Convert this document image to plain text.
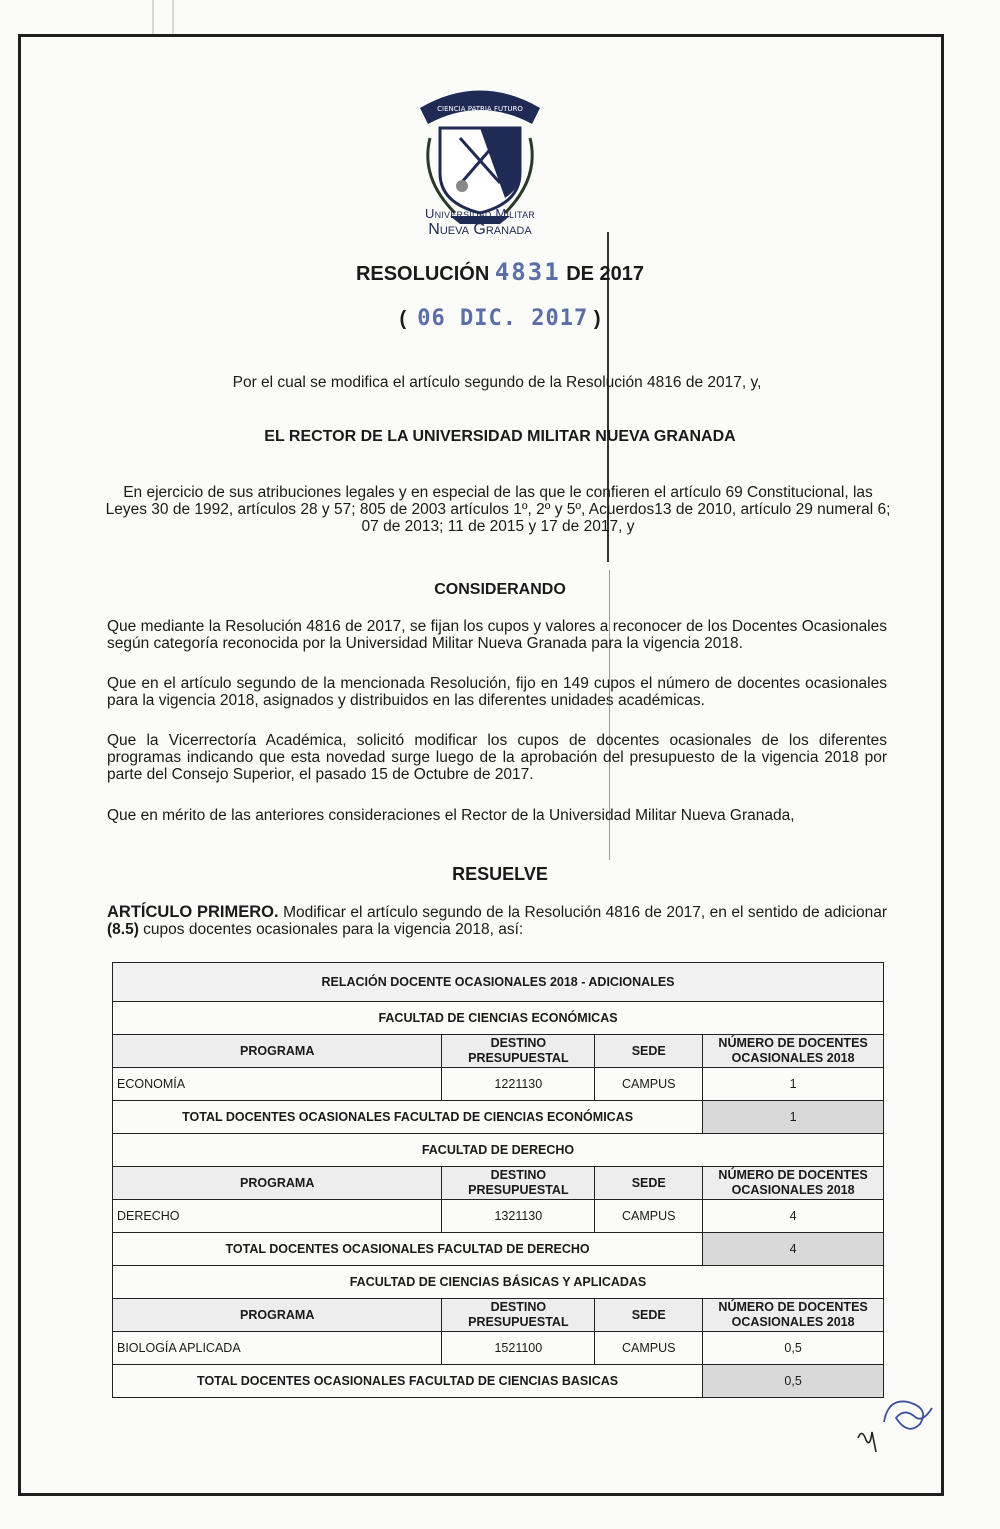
CIENCIA PATRIA FUTURO
Universidad Militar
Nueva Granada
RESOLUCIÓN 4831 DE 2017
( 06 DIC. 2017 )
Por el cual se modifica el artículo segundo de la Resolución 4816 de 2017, y,
EL RECTOR DE LA UNIVERSIDAD MILITAR NUEVA GRANADA
En ejercicio de sus atribuciones legales y en especial de las que le confieren el artículo 69 Constitucional, las Leyes 30 de 1992, artículos 28 y 57; 805 de 2003 artículos 1º, 2º y 5º, Acuerdos13 de 2010, artículo 29 numeral 6; 07 de 2013; 11 de 2015 y 17 de 2017, y
CONSIDERANDO
Que mediante la Resolución 4816 de 2017, se fijan los cupos y valores a reconocer de los Docentes Ocasionales según categoría reconocida por la Universidad Militar Nueva Granada para la vigencia 2018.
Que en el artículo segundo de la mencionada Resolución, fijo en 149 cupos el número de docentes ocasionales para la vigencia 2018, asignados y distribuidos en las diferentes unidades académicas.
Que la Vicerrectoría Académica, solicitó modificar los cupos de docentes ocasionales de los diferentes programas indicando que esta novedad surge luego de la aprobación del presupuesto de la vigencia 2018 por parte del Consejo Superior, el pasado 15 de Octubre de 2017.
Que en mérito de las anteriores consideraciones el Rector de la Universidad Militar Nueva Granada,
RESUELVE
ARTÍCULO PRIMERO. Modificar el artículo segundo de la Resolución 4816 de 2017, en el sentido de adicionar (8.5) cupos docentes ocasionales para la vigencia 2018, así:
RELACIÓN DOCENTE OCASIONALES 2018 - ADICIONALES			
FACULTAD DE CIENCIAS ECONÓMICAS			
PROGRAMA	DESTINO PRESUPUESTAL	SEDE	NÚMERO DE DOCENTES OCASIONALES 2018
ECONOMÍA	1221130	CAMPUS	1
TOTAL DOCENTES OCASIONALES FACULTAD DE CIENCIAS ECONÓMICAS			1
FACULTAD DE DERECHO			
PROGRAMA	DESTINO PRESUPUESTAL	SEDE	NÚMERO DE DOCENTES OCASIONALES 2018
DERECHO	1321130	CAMPUS	4
TOTAL DOCENTES OCASIONALES FACULTAD DE DERECHO			4
FACULTAD DE CIENCIAS BÁSICAS Y APLICADAS			
PROGRAMA	DESTINO PRESUPUESTAL	SEDE	NÚMERO DE DOCENTES OCASIONALES 2018
BIOLOGÍA APLICADA	1521100	CAMPUS	0,5
TOTAL DOCENTES OCASIONALES FACULTAD DE CIENCIAS BASICAS			0,5
